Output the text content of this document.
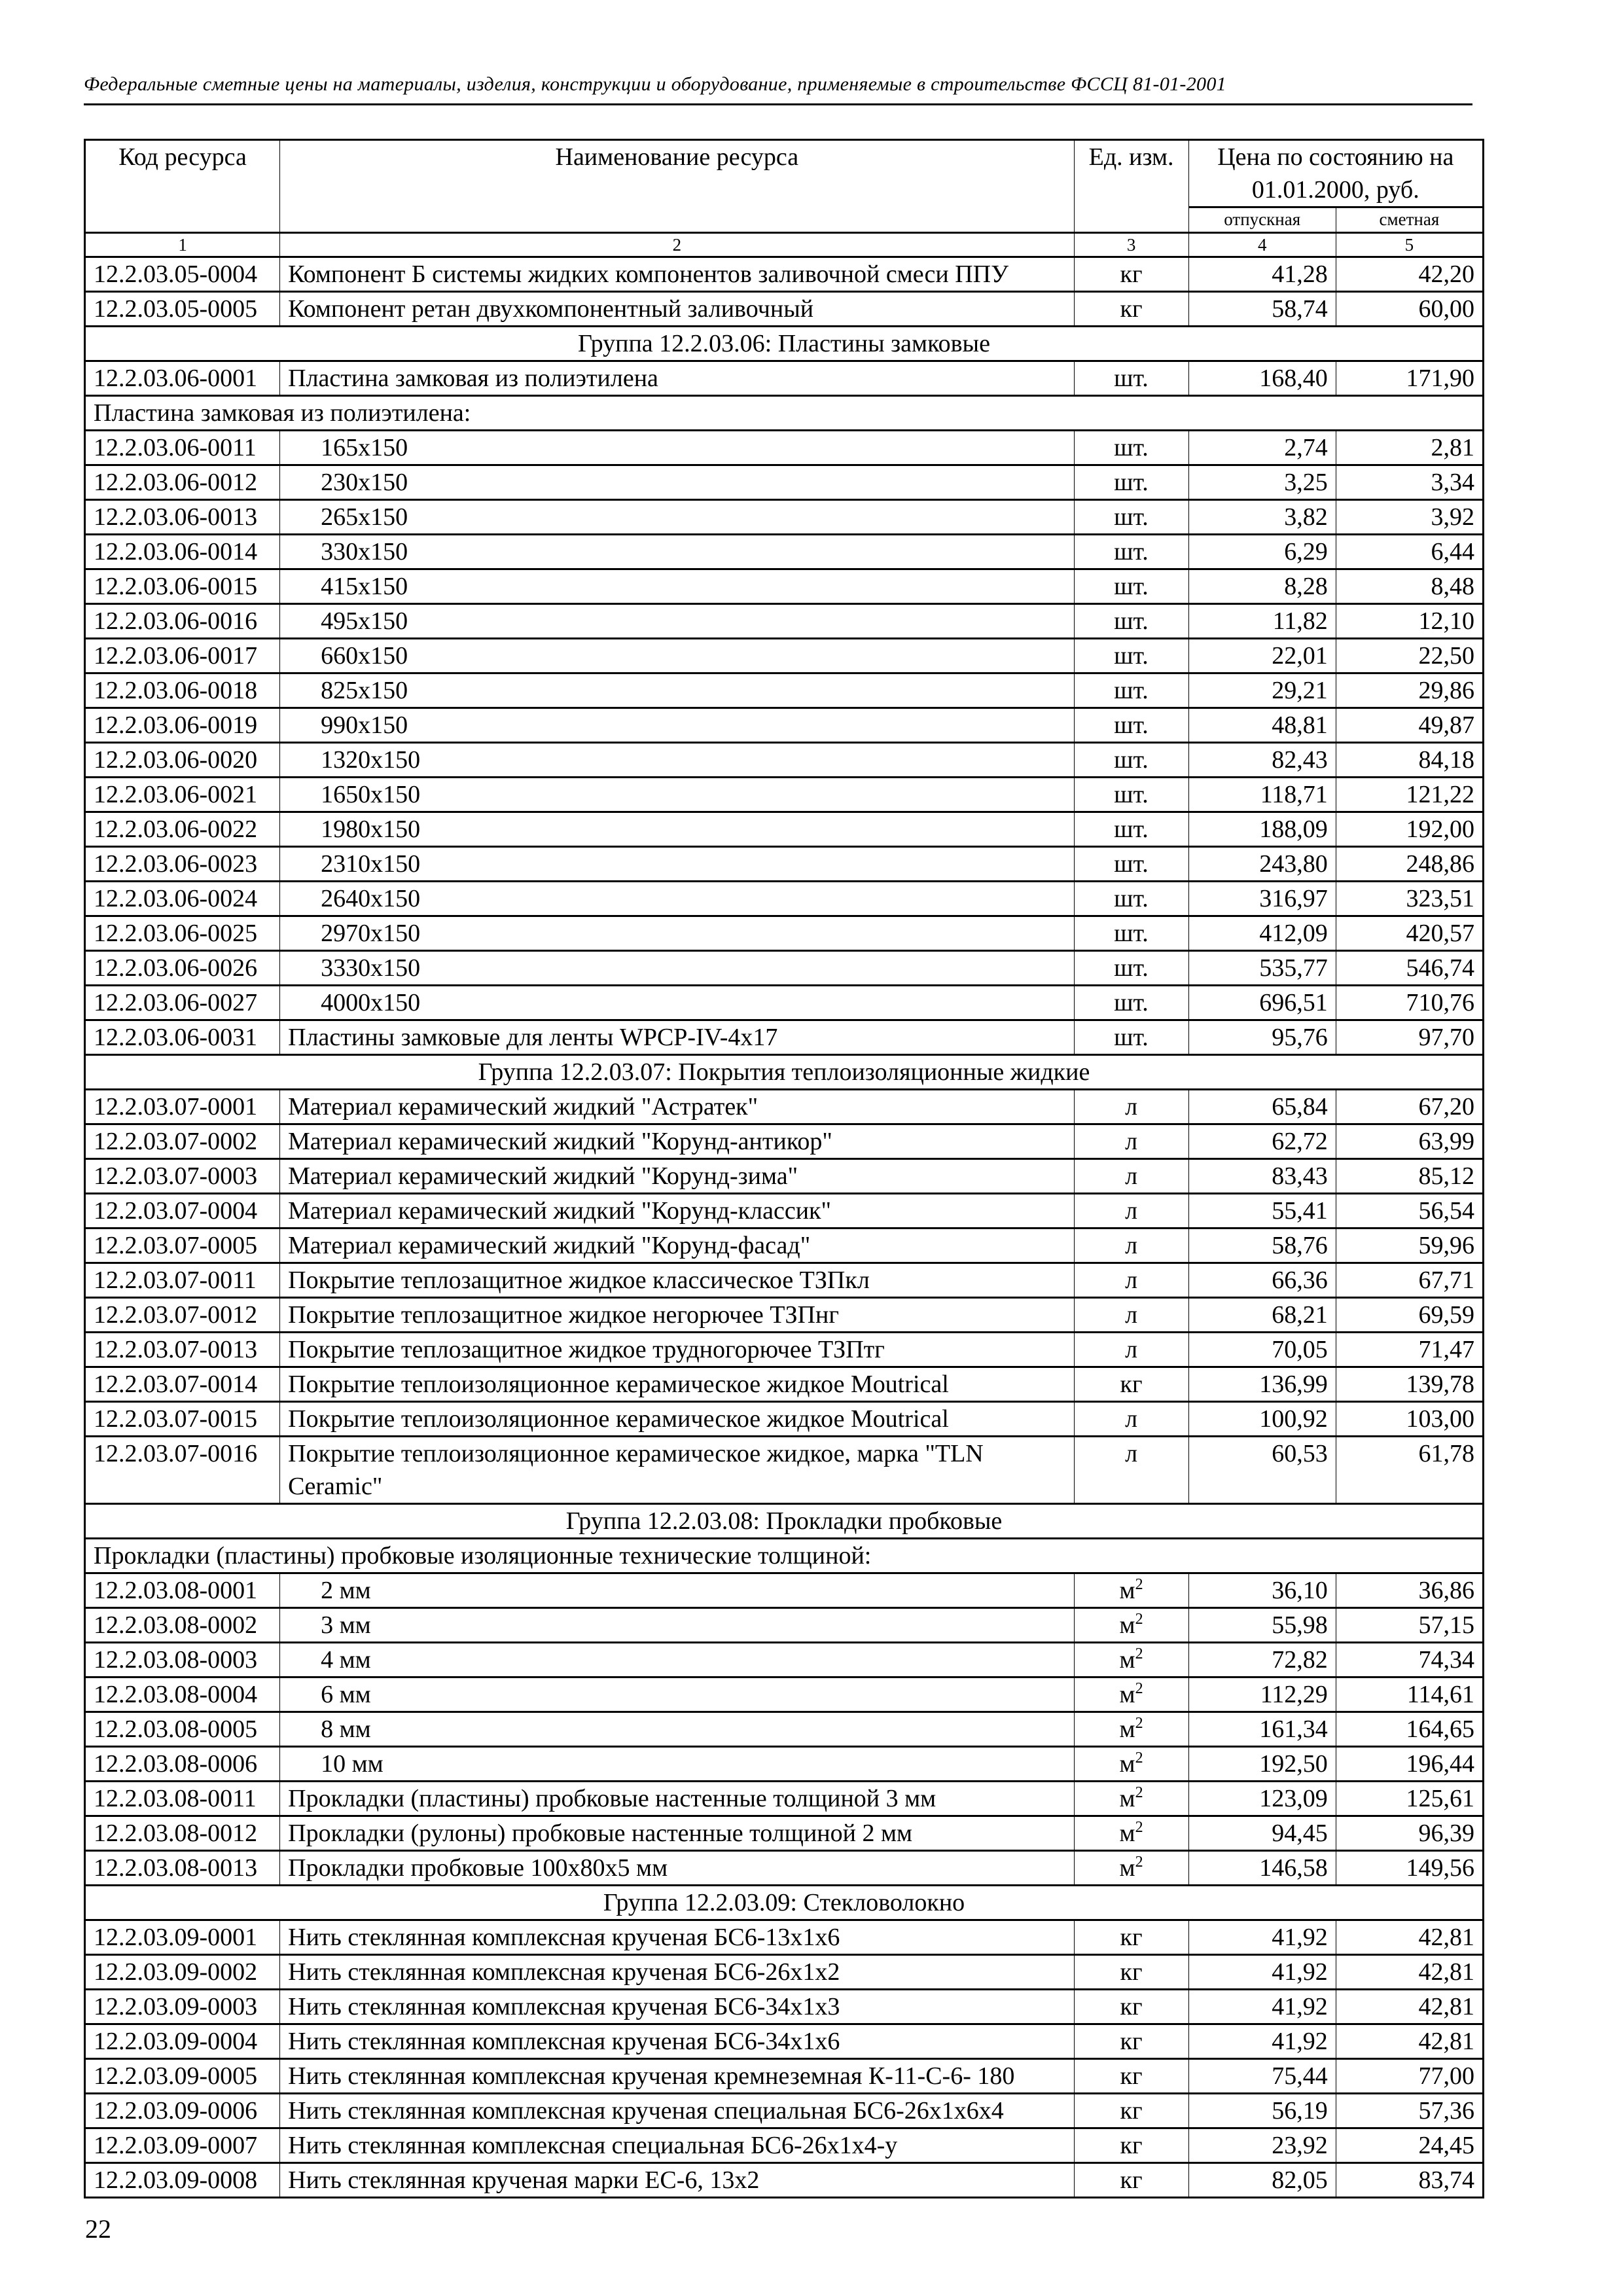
Федеральные сметные цены на материалы, изделия, конструкции и оборудование, применяемые в строительстве ФССЦ 81-01-2001
Код ресурса	Наименование ресурса	Ед. изм.	Цена по состоянию на 01.01.2000, руб.	
			отпускная	сметная
1	2	3	4	5
12.2.03.05-0004	Компонент Б системы жидких компонентов заливочной смеси ППУ	кг	41,28	42,20
12.2.03.05-0005	Компонент ретан двухкомпонентный заливочный	кг	58,74	60,00
Группа 12.2.03.06: Пластины замковые				
12.2.03.06-0001	Пластина замковая из полиэтилена	шт.	168,40	171,90
Пластина замковая из полиэтилена:				
12.2.03.06-0011	165x150	шт.	2,74	2,81
12.2.03.06-0012	230x150	шт.	3,25	3,34
12.2.03.06-0013	265x150	шт.	3,82	3,92
12.2.03.06-0014	330x150	шт.	6,29	6,44
12.2.03.06-0015	415x150	шт.	8,28	8,48
12.2.03.06-0016	495x150	шт.	11,82	12,10
12.2.03.06-0017	660x150	шт.	22,01	22,50
12.2.03.06-0018	825x150	шт.	29,21	29,86
12.2.03.06-0019	990x150	шт.	48,81	49,87
12.2.03.06-0020	1320x150	шт.	82,43	84,18
12.2.03.06-0021	1650x150	шт.	118,71	121,22
12.2.03.06-0022	1980x150	шт.	188,09	192,00
12.2.03.06-0023	2310x150	шт.	243,80	248,86
12.2.03.06-0024	2640x150	шт.	316,97	323,51
12.2.03.06-0025	2970x150	шт.	412,09	420,57
12.2.03.06-0026	3330x150	шт.	535,77	546,74
12.2.03.06-0027	4000x150	шт.	696,51	710,76
12.2.03.06-0031	Пластины замковые для ленты WPCP-IV-4x17	шт.	95,76	97,70
Группа 12.2.03.07: Покрытия теплоизоляционные жидкие				
12.2.03.07-0001	Материал керамический жидкий "Астратек"	л	65,84	67,20
12.2.03.07-0002	Материал керамический жидкий "Корунд-антикор"	л	62,72	63,99
12.2.03.07-0003	Материал керамический жидкий "Корунд-зима"	л	83,43	85,12
12.2.03.07-0004	Материал керамический жидкий "Корунд-классик"	л	55,41	56,54
12.2.03.07-0005	Материал керамический жидкий "Корунд-фасад"	л	58,76	59,96
12.2.03.07-0011	Покрытие теплозащитное жидкое классическое ТЗПкл	л	66,36	67,71
12.2.03.07-0012	Покрытие теплозащитное жидкое негорючее ТЗПнг	л	68,21	69,59
12.2.03.07-0013	Покрытие теплозащитное жидкое трудногорючее ТЗПтг	л	70,05	71,47
12.2.03.07-0014	Покрытие теплоизоляционное керамическое жидкое Moutrical	кг	136,99	139,78
12.2.03.07-0015	Покрытие теплоизоляционное керамическое жидкое Moutrical	л	100,92	103,00
12.2.03.07-0016	Покрытие теплоизоляционное керамическое жидкое, марка "TLN Ceramic"	л	60,53	61,78
Группа 12.2.03.08: Прокладки пробковые				
Прокладки (пластины) пробковые изоляционные технические толщиной:				
12.2.03.08-0001	2 мм	$м^2$	36,10	36,86
12.2.03.08-0002	3 мм	$м^2$	55,98	57,15
12.2.03.08-0003	4 мм	$м^2$	72,82	74,34
12.2.03.08-0004	6 мм	$м^2$	112,29	114,61
12.2.03.08-0005	8 мм	$м^2$	161,34	164,65
12.2.03.08-0006	10 мм	$м^2$	192,50	196,44
12.2.03.08-0011	Прокладки (пластины) пробковые настенные толщиной 3 мм	$м^2$	123,09	125,61
12.2.03.08-0012	Прокладки (рулоны) пробковые настенные толщиной 2 мм	$м^2$	94,45	96,39
12.2.03.08-0013	Прокладки пробковые 100x80x5 мм	$м^2$	146,58	149,56
Группа 12.2.03.09: Стекловолокно				
12.2.03.09-0001	Нить стеклянная комплексная крученая БС6-13x1x6	кг	41,92	42,81
12.2.03.09-0002	Нить стеклянная комплексная крученая БС6-26x1x2	кг	41,92	42,81
12.2.03.09-0003	Нить стеклянная комплексная крученая БС6-34x1x3	кг	41,92	42,81
12.2.03.09-0004	Нить стеклянная комплексная крученая БС6-34x1x6	кг	41,92	42,81
12.2.03.09-0005	Нить стеклянная комплексная крученая кремнеземная К-11-С-6- 180	кг	75,44	77,00
12.2.03.09-0006	Нить стеклянная комплексная крученая специальная БС6-26x1x6x4	кг	56,19	57,36
12.2.03.09-0007	Нить стеклянная комплексная специальная БС6-26x1x4-у	кг	23,92	24,45
12.2.03.09-0008	Нить стеклянная крученая марки ЕС-6, 13x2	кг	82,05	83,74
22
